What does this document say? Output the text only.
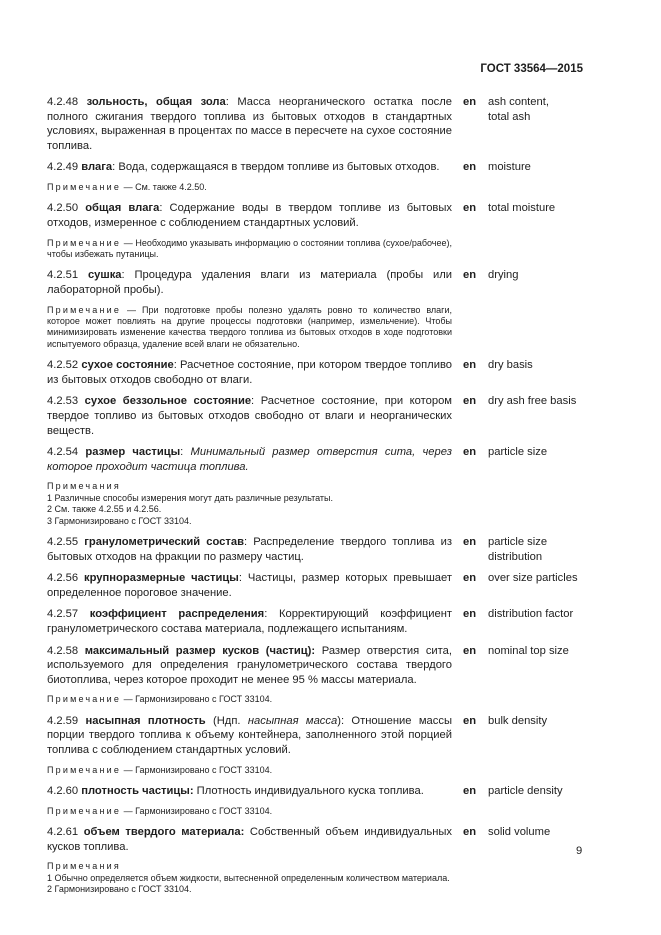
ГОСТ 33564—2015
4.2.48 зольность, общая зола: Масса неорганического остатка после полного сжигания твердого топлива из бытовых отходов в стандартных условиях, выраженная в процентах по массе в пересчете на сухое состояние топлива.
en ash content,
total ash
4.2.49 влага: Вода, содержащаяся в твердом топливе из бытовых отходов.	en moisture
Примечание — См. также 4.2.50.
4.2.50 общая влага: Содержание воды в твердом топливе из бытовых отходов, измеренное с соблюдением стандартных условий.
en total moisture
Примечание — Необходимо указывать информацию о состоянии топлива (сухое/рабочее), чтобы избежать путаницы.
4.2.51 сушка: Процедура удаления влаги из материала (пробы или лабораторной пробы).
en drying
Примечание — При подготовке пробы полезно удалять ровно то количество влаги, которое может повлиять на другие процессы подготовки (например, измельчение). Чтобы минимизировать изменение качества твердого топлива из бытовых отходов в ходе подготовки испытуемого образца, удаление всей влаги не обязательно.
4.2.52 сухое состояние: Расчетное состояние, при котором твердое топливо из бытовых отходов свободно от влаги.
en dry basis
4.2.53 сухое беззольное состояние: Расчетное состояние, при котором твердое топливо из бытовых отходов свободно от влаги и неорганических веществ.
en dry ash free basis
4.2.54 размер частицы: Минимальный размер отверстия сита, через которое проходит частица топлива.
en particle size
Примечания
1 Различные способы измерения могут дать различные результаты.
2 См. также 4.2.55 и 4.2.56.
3 Гармонизировано с ГОСТ 33104.
4.2.55 гранулометрический состав: Распределение твердого топлива из бытовых отходов на фракции по размеру частиц.
en particle size
distribution
4.2.56 крупноразмерные частицы: Частицы, размер которых превышает определенное пороговое значение.
en over size particles
4.2.57 коэффициент распределения: Корректирующий коэффициент гранулометрического состава материала, подлежащего испытаниям.
en distribution factor
4.2.58 максимальный размер кусков (частиц): Размер отверстия сита, используемого для определения гранулометрического состава твердого биотоплива, через которое проходит не менее 95 % массы материала.
en nominal top size
Примечание — Гармонизировано с ГОСТ 33104.
4.2.59 насыпная плотность (Ндп. насыпная масса): Отношение массы порции твердого топлива к объему контейнера, заполненного этой порцией топлива с соблюдением стандартных условий.
en bulk density
Примечание — Гармонизировано с ГОСТ 33104.
4.2.60 плотность частицы: Плотность индивидуального куска топлива.	en particle density
Примечание — Гармонизировано с ГОСТ 33104.
4.2.61 объем твердого материала: Собственный объем индивидуальных кусков топлива.
en solid volume
Примечания
1 Обычно определяется объем жидкости, вытесненной определенным количеством материала.
2 Гармонизировано с ГОСТ 33104.
9
